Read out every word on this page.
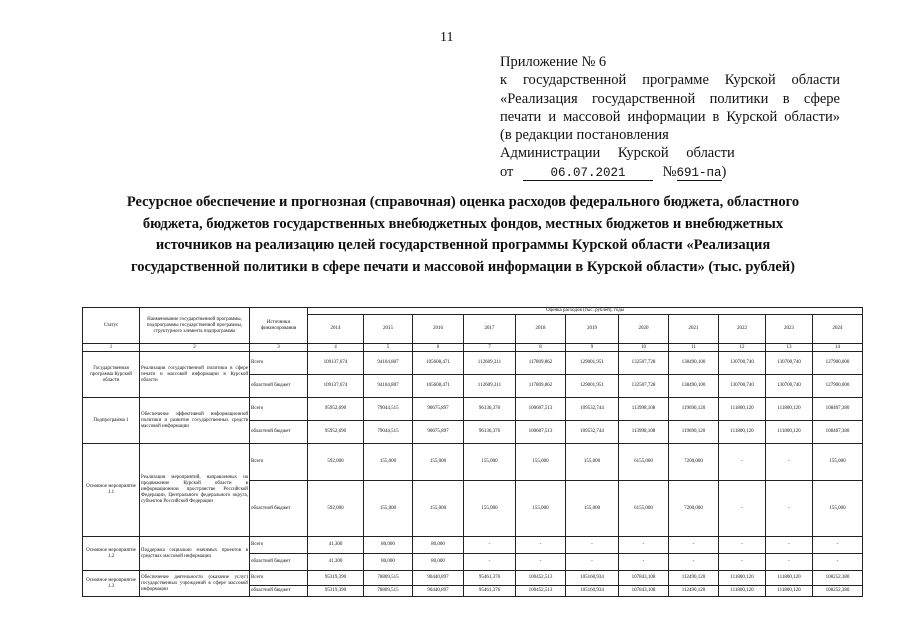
11
Приложение № 6
к государственной программе Курской области
«Реализация государственной политики в сфере
печати и массовой информации в Курской области»
(в редакции постановления
Администрации Курской области
от	06.07.2021	№691-па)
Ресурсное обеспечение и прогнозная (справочная) оценка расходов федерального бюджета, областного бюджета, бюджетов государственных внебюджетных фондов, местных бюджетов и внебюджетных источников на реализацию целей государственной программы Курской области «Реализация государственной политики в сфере печати и массовой информации в Курской области» (тыс. рублей)
Статус	Наименование государственной программы, подпрограммы государственной программы, структурного элемента подпрограммы	Источники финансирования	Оценка расходов (тыс. рублей), годы										
			2014	2015	2016	2017	2018	2019	2020	2021	2022	2023	2024
1	2	3	4	5	6	7	8	9	10	11	12	13	14
Государственная программа Курской области	Реализация государственной политики в сфере печати и массовой информации в Курской области	Всего	109137,674	94104,807	105608,471	112609,311	117809,862	129001,951	132507,728	138490,100	130700,740	130700,740	127900,000
		областной бюджет	109137,674	94104,807	105608,471	112609,311	117809,862	129001,951	132507,728	138490,100	130700,740	130700,740	127900,000
Подпрограмма 1	Обеспечение эффективной информационной политики и развитие государственных средств массовой информации	Всего	95952,690	79044,515	90675,897	96136,376	100607,513	109532,744	113998,108	119690,120	111800,120	111800,120	108407,380
		областной бюджет	95952,690	79044,515	90675,897	96136,376	100607,513	109532,744	113998,108	119690,120	111800,120	111800,120	108407,380
Основное мероприятие 1.1	Реализация мероприятий, направленных на продвижение Курской области в информационном пространстве Российской Федерации, Центрального федерального округа, субъектов Российской Федерации	Всего	592,000	155,000	155,000	155,000	155,000	155,000	6155,000	7200,000	-	-	155,000
		областной бюджет	592,000	155,000	155,000	155,000	155,000	155,000	6155,000	7200,000	-	-	155,000
Основное мероприятие 1.2	Поддержка социально значимых проектов в средствах массовой информации	Всего	41,300	80,000	80,000	-	-	-	-	-	-	-	-
		областной бюджет	41,300	80,000	80,000	-	-	-	-	-	-	-	-
Основное мероприятие 1.3	Обеспечение деятельности (оказание услуг) государственных учреждений в сфере массовой информации	Всего	95319,390	78809,515	90440,897	95461,376	100452,513	105160,934	107843,108	112490,120	111800,120	111800,120	108252,380
		областной бюджет	95319,390	78809,515	90440,897	95461,376	100452,513	105160,934	107843,108	112490,120	111800,120	111800,120	108252,380
